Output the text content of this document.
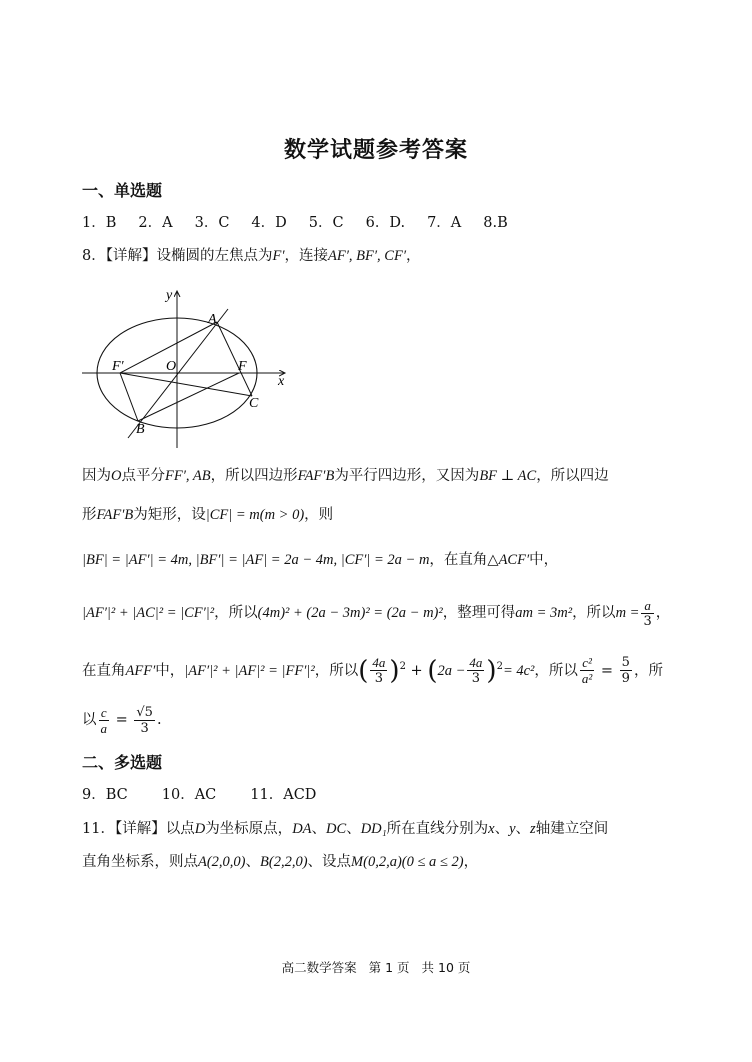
数学试题参考答案
一、单选题
1．B 2．A 3．C 4．D 5．C 6．D. 7．A 8.B
8．【详解】设椭圆的左焦点为F′，连接AF′, BF′, CF′，
y
x
A
F′	O	F
C
B
因为O点平分FF′, AB，所以四边形FAF′B为平行四边形，又因为BF ⊥ AC，所以四边
形FAF′B为矩形，设|CF| = m(m > 0)，则
|BF| = |AF′| = 4m, |BF′| = |AF| = 2a − 4m, |CF′| = 2a − m，在直角△ACF′中，
|AF′|² + |AC|² = |CF′|²，所以(4m)² + (2a − 3m)² = (2a − m)²，整理可得am = 3m²，所以$m = \frac{a}{3}$ ，
在直角AFF′中，|AF′|² + |AF|² = |FF′|²，所以( $\frac{4a}{3} )^2 + (2a - \frac{4a}{3} )^2= 4c^2$，所以 $\frac{\text{c²}}{\text{a²}} = \frac{5}{9}$ ，所
以 $\frac{c}{a} = \frac{√5}{3}$ .
二、多选题
9．BC 10．AC 11．ACD
11．【详解】以点D为坐标原点，DA、DC、DD₁所在直线分别为x、y、z轴建立空间
直角坐标系，则点A(2,0,0)、B(2,2,0)、设点M(0,2,a)(0 ≤ a ≤ 2)，
高二数学答案 第 1 页 共 10 页
